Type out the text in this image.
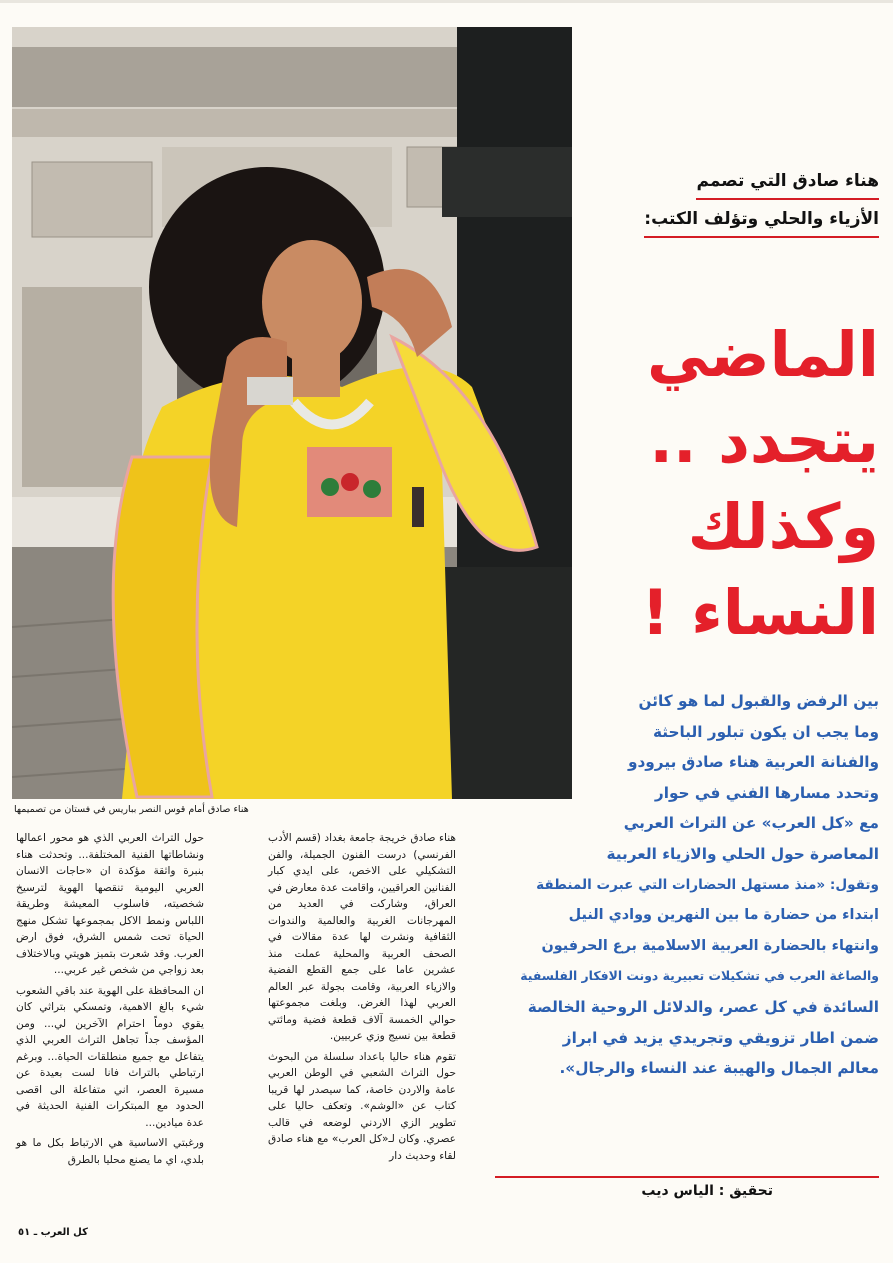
هناء صادق أمام قوس النصر بباريس في فستان من تصميمها
هناء صادق التي تصمم
الأزياء والحلي وتؤلف الكتب:
الماضي
يتجدد ..
وكذلك
النساء !

بين الرفض والقبول لما هو كائن

وما يجب ان يكون تبلور الباحثة

والفنانة العربية هناء صادق بيرودو

وتحدد مسارها الفني في حوار

مع «كل العرب» عن التراث العربي

المعاصرة حول الحلي والازياء العربية

وتقول: «منذ مستهل الحضارات التي عبرت المنطقة

ابتداء من حضارة ما بين النهرين ووادي النيل

وانتهاء بالحضارة العربية الاسلامية برع الحرفيون

والصاغة العرب في تشكيلات تعبيرية دونت الافكار الفلسفية

السائدة في كل عصر، والدلائل الروحية الخالصة

ضمن اطار تزويقي وتجريدي يزيد في ابراز

معالم الجمال والهيبة عند النساء والرجال».

تحقيق : الياس ديب

هناء صادق خريجة جامعة بغداد (قسم الأدب الفرنسي) درست الفنون الجميلة، والفن التشكيلي على الاخص، على ايدي كبار الفنانين العراقيين، واقامت عدة معارض في العراق، وشاركت في العديد من المهرجانات الغربية والعالمية والندوات الثقافية ونشرت لها عدة مقالات في الصحف العربية والمحلية عملت منذ عشرين عاما على جمع القطع الفضية والازياء العربية، وقامت بجولة عبر العالم العربي لهذا الغرض. وبلغت مجموعتها حوالي الخمسة آلاف قطعة فضية ومائتي قطعة بين نسيج وزي عربيين.

تقوم هناء حاليا باعداد سلسلة من البحوث حول التراث الشعبي في الوطن العربي عامة والاردن خاصة، كما سيصدر لها قريبا كتاب عن «الوشم». وتعكف حاليا على تطوير الزي الاردني لوضعه في قالب عصري. وكان لـ«كل العرب» مع هناء صادق لقاء وحديث دار

حول التراث العربي الذي هو محور اعمالها ونشاطاتها الفنية المختلفة... وتحدثت هناء بنبرة واثقة مؤكدة ان «حاجات الانسان العربي اليومية تنقصها الهوية لترسيخ شخصيته، فاسلوب المعيشة وطريقة اللباس ونمط الاكل بمجموعها تشكل منهج الحياة تحت شمس الشرق، فوق ارض العرب. وقد شعرت بتميز هويتي وبالاختلاف بعد زواجي من شخص غير عربي...

ان المحافظة على الهوية عند باقي الشعوب شيء بالغ الاهمية، وتمسكي بتراثي كان يقوي دوماً احترام الآخرين لي... ومن المؤسف جداً تجاهل التراث العربي الذي يتفاعل مع جميع منطلقات الحياة... وبرغم ارتباطي بالتراث فانا لست بعيدة عن مسيرة العصر، اني متفاعلة الى اقصى الحدود مع المبتكرات الفنية الحديثة في عدة ميادين...

ورغبتي الاساسية هي الارتباط بكل ما هو بلدي، اي ما يصنع محليا بالطرق

كل العرب ـ ٥١
